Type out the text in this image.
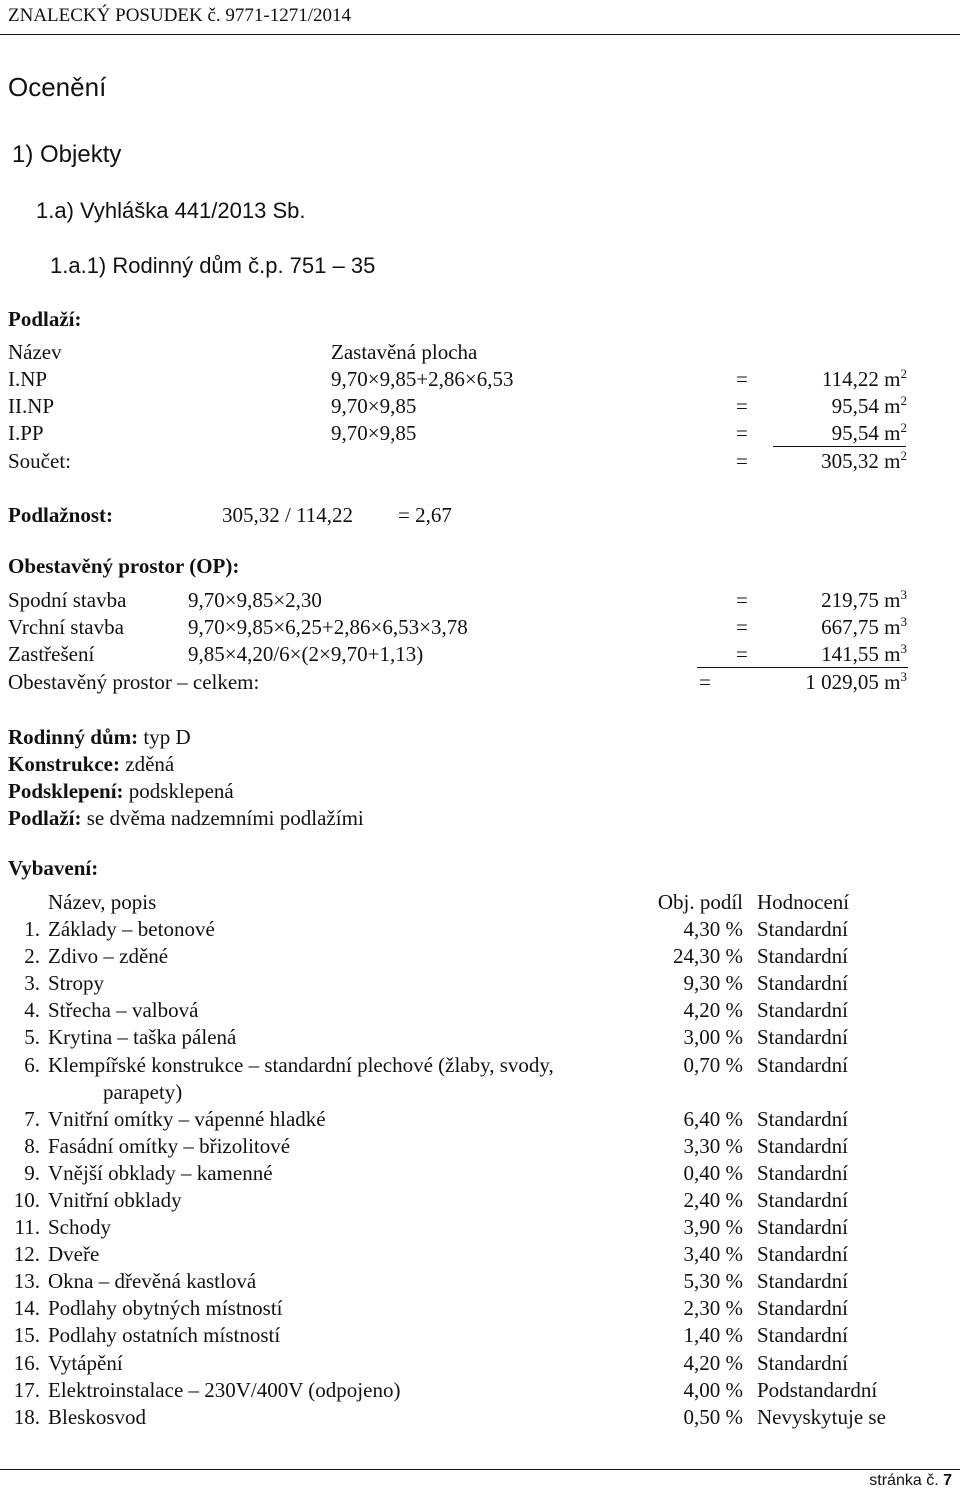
ZNALECKÝ POSUDEK č. 9771-1271/2014
Ocenění
1) Objekty
1.a) Vyhláška 441/2013 Sb.
1.a.1) Rodinný dům č.p. 751 – 35
Podlaží:
Název	Zastavěná plocha
I.NP	9,70×9,85+2,86×6,53	=	114,22 $m^2$
II.NP	9,70×9,85	=	95,54 $m^2$
I.PP	9,70×9,85	=	95,54 $m^2$
Součet:	=	305,32 $m^2$
Podlažnost:	305,32 / 114,22 = 2,67
Obestavěný prostor (OP):
Spodní stavba	9,70×9,85×2,30	=	219,75 $m^3$
Vrchní stavba	9,70×9,85×6,25+2,86×6,53×3,78	=	667,75 $m^3$
Zastřešení	9,85×4,20/6×(2×9,70+1,13)	=	141,55 $m^3$
Obestavěný prostor – celkem:	=	1 029,05 $m^3$
Rodinný dům: typ D
Konstrukce: zděná
Podsklepení: podsklepená
Podlaží: se dvěma nadzemními podlažími
Vybavení:
Název, popis	Obj. podíl Hodnocení
1. Základy – betonové	4,30 % Standardní
2. Zdivo – zděné	24,30 % Standardní
3. Stropy	9,30 % Standardní
4. Střecha – valbová	4,20 % Standardní
5. Krytina – taška pálená	3,00 % Standardní
6. Klempířské konstrukce – standardní plechové (žlaby, svody,	0,70 % Standardní
parapety)
7. Vnitřní omítky – vápenné hladké	6,40 % Standardní
8. Fasádní omítky – břizolitové	3,30 % Standardní
9. Vnější obklady – kamenné	0,40 % Standardní
10. Vnitřní obklady	2,40 % Standardní
11. Schody	3,90 % Standardní
12. Dveře	3,40 % Standardní
13. Okna – dřevěná kastlová	5,30 % Standardní
14. Podlahy obytných místností	2,30 % Standardní
15. Podlahy ostatních místností	1,40 % Standardní
16. Vytápění	4,20 % Standardní
17. Elektroinstalace – 230V/400V (odpojeno)	4,00 % Podstandardní
18. Bleskosvod	0,50 % Nevyskytuje se
stránka č. 7
